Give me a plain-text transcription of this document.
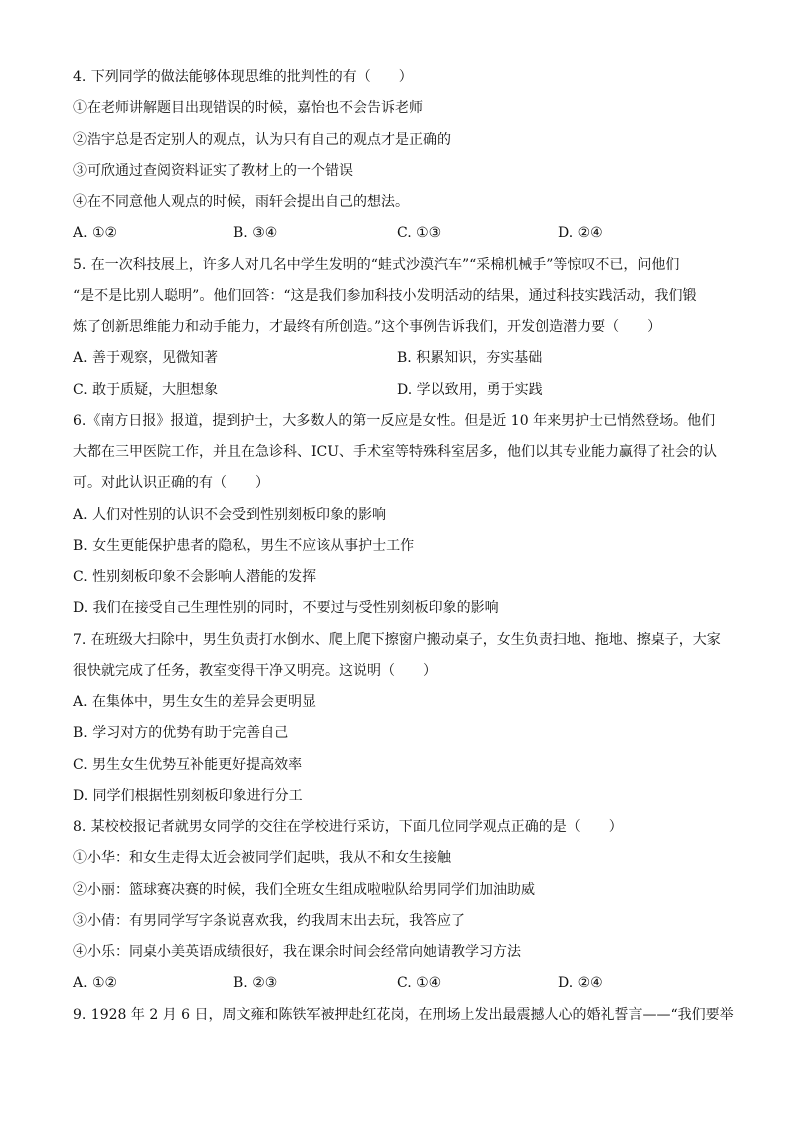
4. 下列同学的做法能够体现思维的批判性的有（　　）
①在老师讲解题目出现错误的时候，嘉怡也不会告诉老师
②浩宇总是否定别人的观点，认为只有自己的观点才是正确的
③可欣通过查阅资料证实了教材上的一个错误
④在不同意他人观点的时候，雨轩会提出自己的想法。
A. ①②	B. ③④	C. ①③	D. ②④
5. 在一次科技展上，许多人对几名中学生发明的“蛙式沙漠汽车”“采棉机械手”等惊叹不已，问他们
“是不是比别人聪明”。他们回答：“这是我们参加科技小发明活动的结果，通过科技实践活动，我们锻
炼了创新思维能力和动手能力，才最终有所创造。”这个事例告诉我们，开发创造潜力要（　　）
A. 善于观察，见微知著	B. 积累知识，夯实基础
C. 敢于质疑，大胆想象	D. 学以致用，勇于实践
6.《南方日报》报道，提到护士，大多数人的第一反应是女性。但是近 10 年来男护士已悄然登场。他们
大都在三甲医院工作，并且在急诊科、ICU、手术室等特殊科室居多，他们以其专业能力赢得了社会的认
可。对此认识正确的有（　　）
A. 人们对性别的认识不会受到性别刻板印象的影响
B. 女生更能保护患者的隐私，男生不应该从事护士工作
C. 性别刻板印象不会影响人潜能的发挥
D. 我们在接受自己生理性别的同时，不要过与受性别刻板印象的影响
7. 在班级大扫除中，男生负责打水倒水、爬上爬下擦窗户搬动桌子，女生负责扫地、拖地、擦桌子，大家
很快就完成了任务，教室变得干净又明亮。这说明（　　）
A. 在集体中，男生女生的差异会更明显
B. 学习对方的优势有助于完善自己
C. 男生女生优势互补能更好提高效率
D. 同学们根据性别刻板印象进行分工
8. 某校校报记者就男女同学的交往在学校进行采访，下面几位同学观点正确的是（　　）
①小华：和女生走得太近会被同学们起哄，我从不和女生接触
②小丽：篮球赛决赛的时候，我们全班女生组成啦啦队给男同学们加油助威
③小倩：有男同学写字条说喜欢我，约我周末出去玩，我答应了
④小乐：同桌小美英语成绩很好，我在课余时间会经常向她请教学习方法
A. ①②	B. ②③	C. ①④	D. ②④
9. 1928 年 2 月 6 日，周文雍和陈铁军被押赴红花岗，在刑场上发出最震撼人心的婚礼誓言——“我们要举
